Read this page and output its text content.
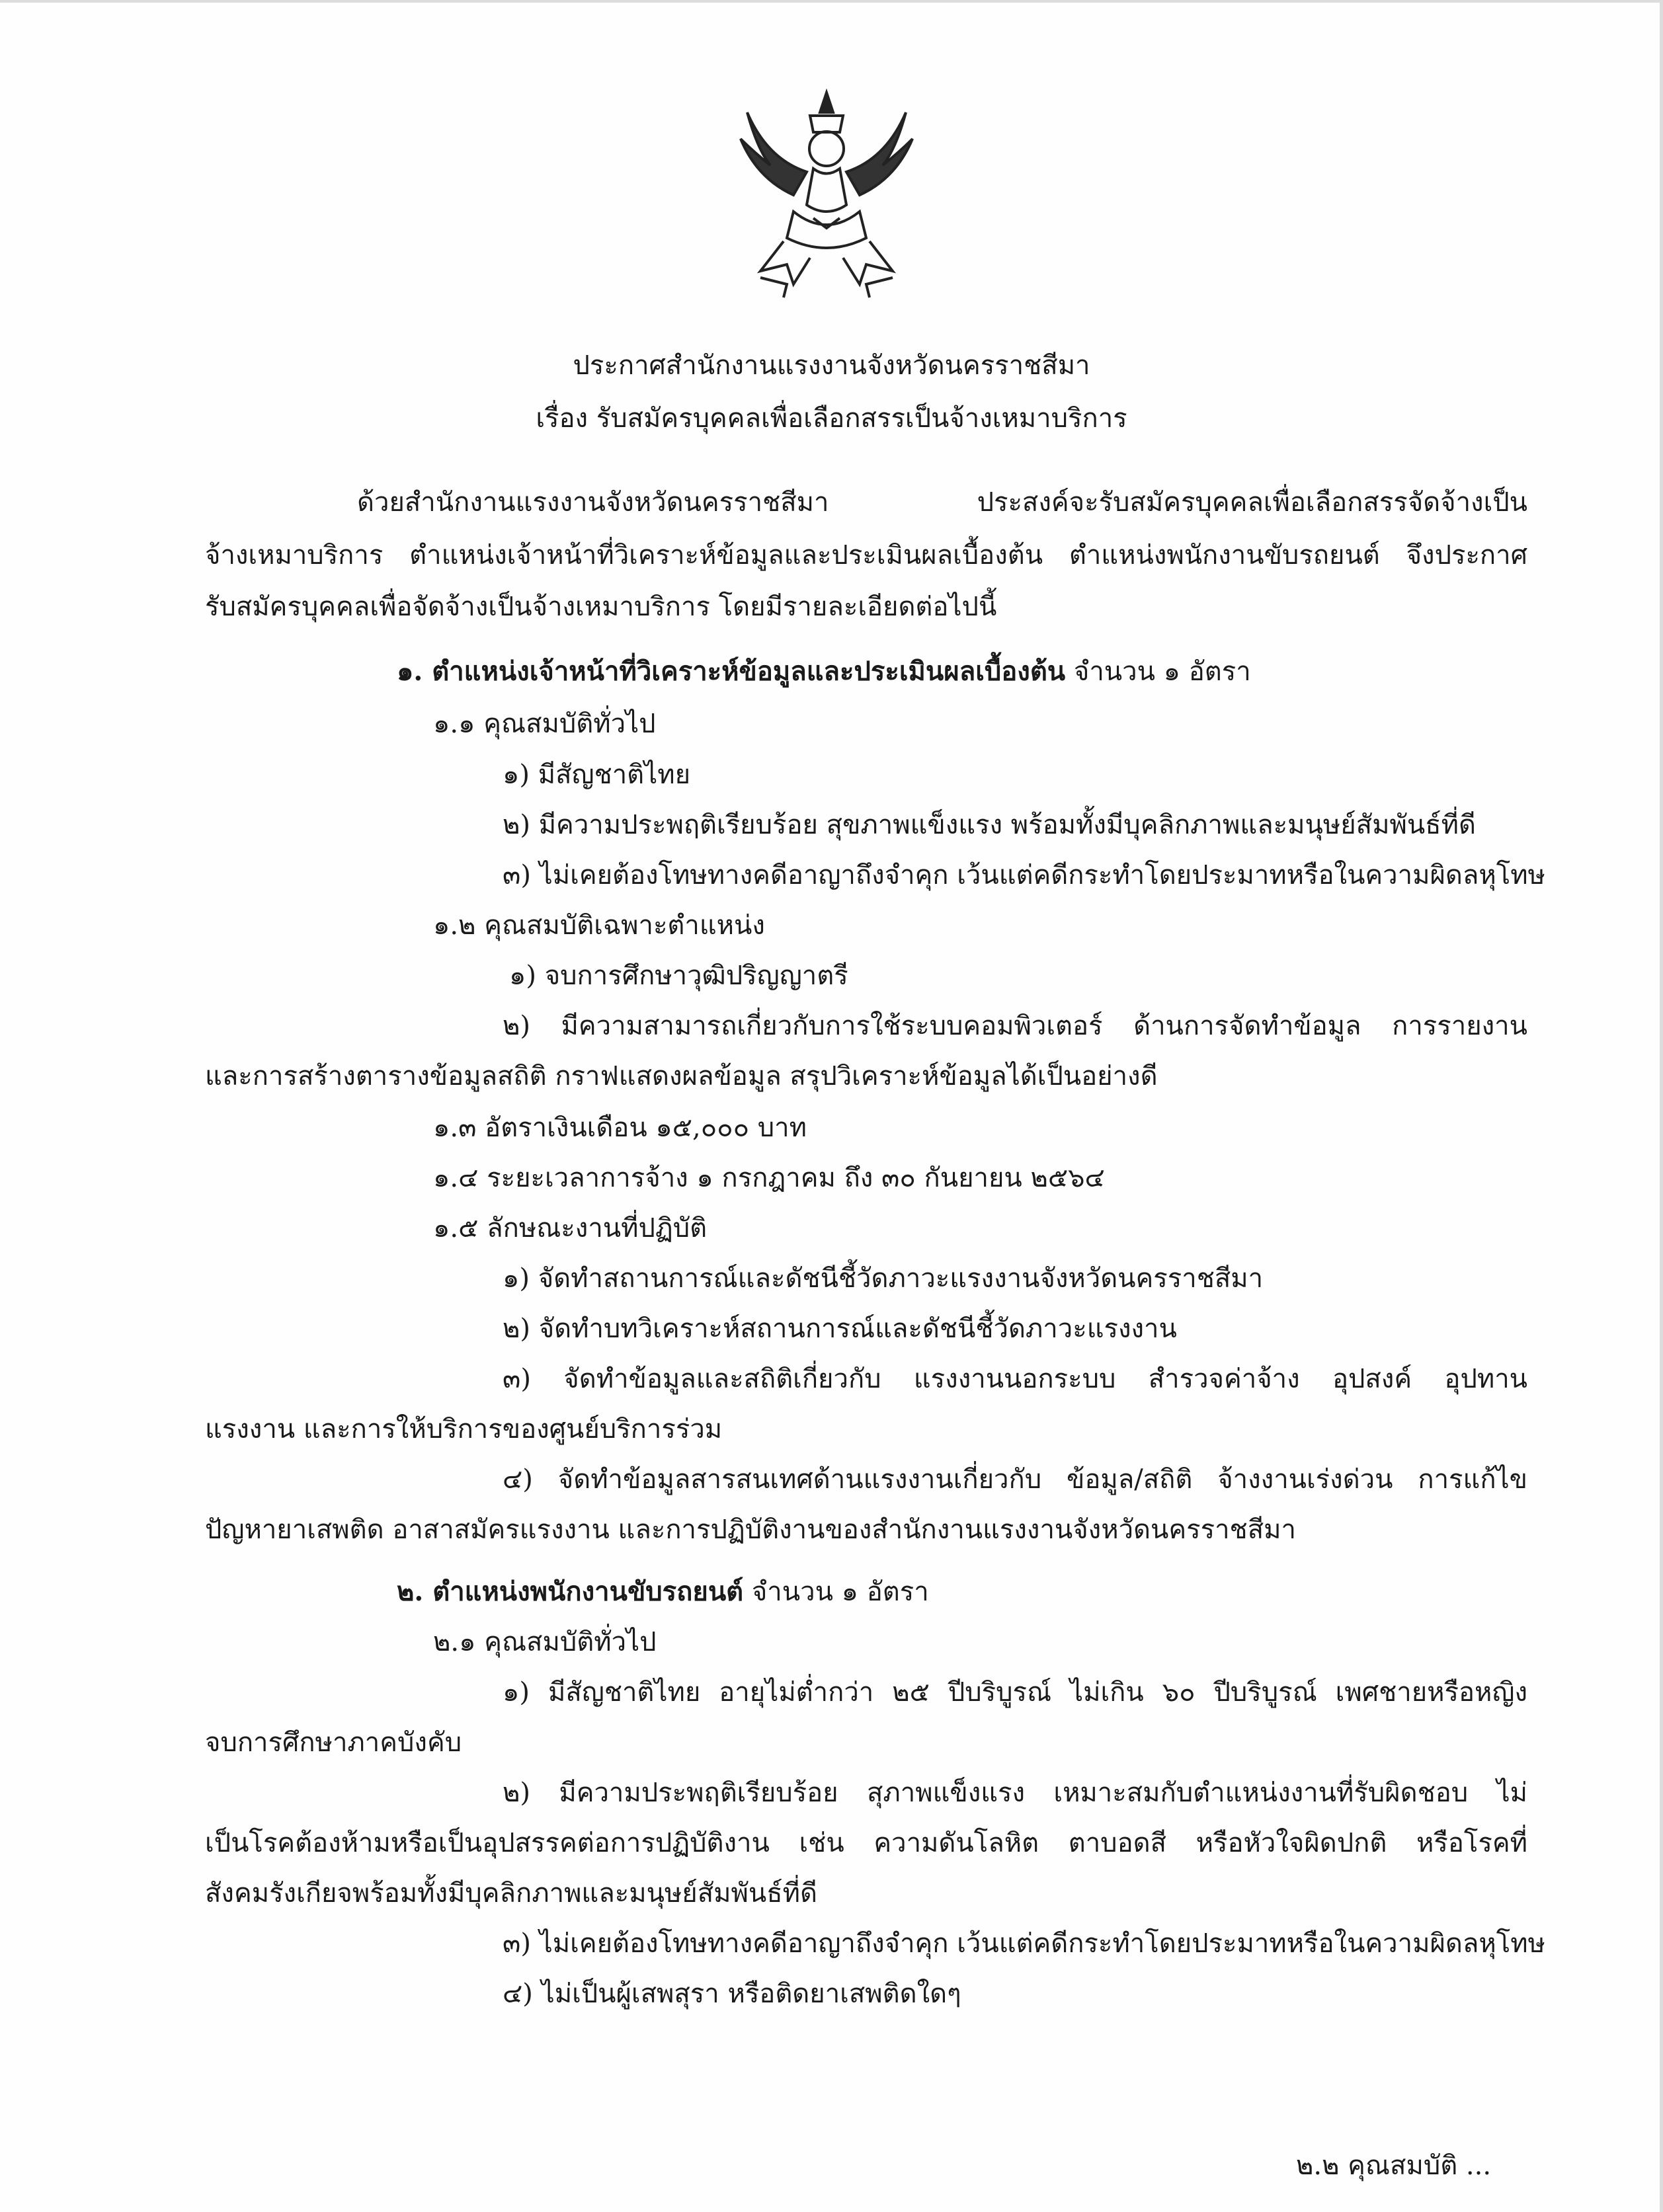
ประกาศสำนักงานแรงงานจังหวัดนครราชสีมา
เรื่อง รับสมัครบุคคลเพื่อเลือกสรรเป็นจ้างเหมาบริการ
ด้วยสำนักงานแรงงานจังหวัดนครราชสีมา ประสงค์จะรับสมัครบุคคลเพื่อเลือกสรรจัดจ้างเป็น
จ้างเหมาบริการ ตำแหน่งเจ้าหน้าที่วิเคราะห์ข้อมูลและประเมินผลเบื้องต้น ตำแหน่งพนักงานขับรถยนต์ จึงประกาศ
รับสมัครบุคคลเพื่อจัดจ้างเป็นจ้างเหมาบริการ โดยมีรายละเอียดต่อไปนี้
๑. ตำแหน่งเจ้าหน้าที่วิเคราะห์ข้อมูลและประเมินผลเบื้องต้น จำนวน ๑ อัตรา
๑.๑ คุณสมบัติทั่วไป
๑) มีสัญชาติไทย
๒) มีความประพฤติเรียบร้อย สุขภาพแข็งแรง พร้อมทั้งมีบุคลิกภาพและมนุษย์สัมพันธ์ที่ดี
๓) ไม่เคยต้องโทษทางคดีอาญาถึงจำคุก เว้นแต่คดีกระทำโดยประมาทหรือในความผิดลหุโทษ
๑.๒ คุณสมบัติเฉพาะตำแหน่ง
๑) จบการศึกษาวุฒิปริญญาตรี
๒) มีความสามารถเกี่ยวกับการใช้ระบบคอมพิวเตอร์ ด้านการจัดทำข้อมูล การรายงาน
และการสร้างตารางข้อมูลสถิติ กราฟแสดงผลข้อมูล สรุปวิเคราะห์ข้อมูลได้เป็นอย่างดี
๑.๓ อัตราเงินเดือน ๑๕,๐๐๐ บาท
๑.๔ ระยะเวลาการจ้าง ๑ กรกฎาคม ถึง ๓๐ กันยายน ๒๕๖๔
๑.๕ ลักษณะงานที่ปฏิบัติ
๑) จัดทำสถานการณ์และดัชนีชี้วัดภาวะแรงงานจังหวัดนครราชสีมา
๒) จัดทำบทวิเคราะห์สถานการณ์และดัชนีชี้วัดภาวะแรงงาน
๓) จัดทำข้อมูลและสถิติเกี่ยวกับ แรงงานนอกระบบ สำรวจค่าจ้าง อุปสงค์ อุปทาน
แรงงาน และการให้บริการของศูนย์บริการร่วม
๔) จัดทำข้อมูลสารสนเทศด้านแรงงานเกี่ยวกับ ข้อมูล/สถิติ จ้างงานเร่งด่วน การแก้ไข
ปัญหายาเสพติด อาสาสมัครแรงงาน และการปฏิบัติงานของสำนักงานแรงงานจังหวัดนครราชสีมา
๒. ตำแหน่งพนักงานขับรถยนต์ จำนวน ๑ อัตรา
๒.๑ คุณสมบัติทั่วไป
๑) มีสัญชาติไทย อายุไม่ต่ำกว่า ๒๕ ปีบริบูรณ์ ไม่เกิน ๖๐ ปีบริบูรณ์ เพศชายหรือหญิง
จบการศึกษาภาคบังคับ
๒) มีความประพฤติเรียบร้อย สุภาพแข็งแรง เหมาะสมกับตำแหน่งงานที่รับผิดชอบ ไม่
เป็นโรคต้องห้ามหรือเป็นอุปสรรคต่อการปฏิบัติงาน เช่น ความดันโลหิต ตาบอดสี หรือหัวใจผิดปกติ หรือโรคที่
สังคมรังเกียจพร้อมทั้งมีบุคลิกภาพและมนุษย์สัมพันธ์ที่ดี
๓) ไม่เคยต้องโทษทางคดีอาญาถึงจำคุก เว้นแต่คดีกระทำโดยประมาทหรือในความผิดลหุโทษ
๔) ไม่เป็นผู้เสพสุรา หรือติดยาเสพติดใดๆ
๒.๒ คุณสมบัติ ...
